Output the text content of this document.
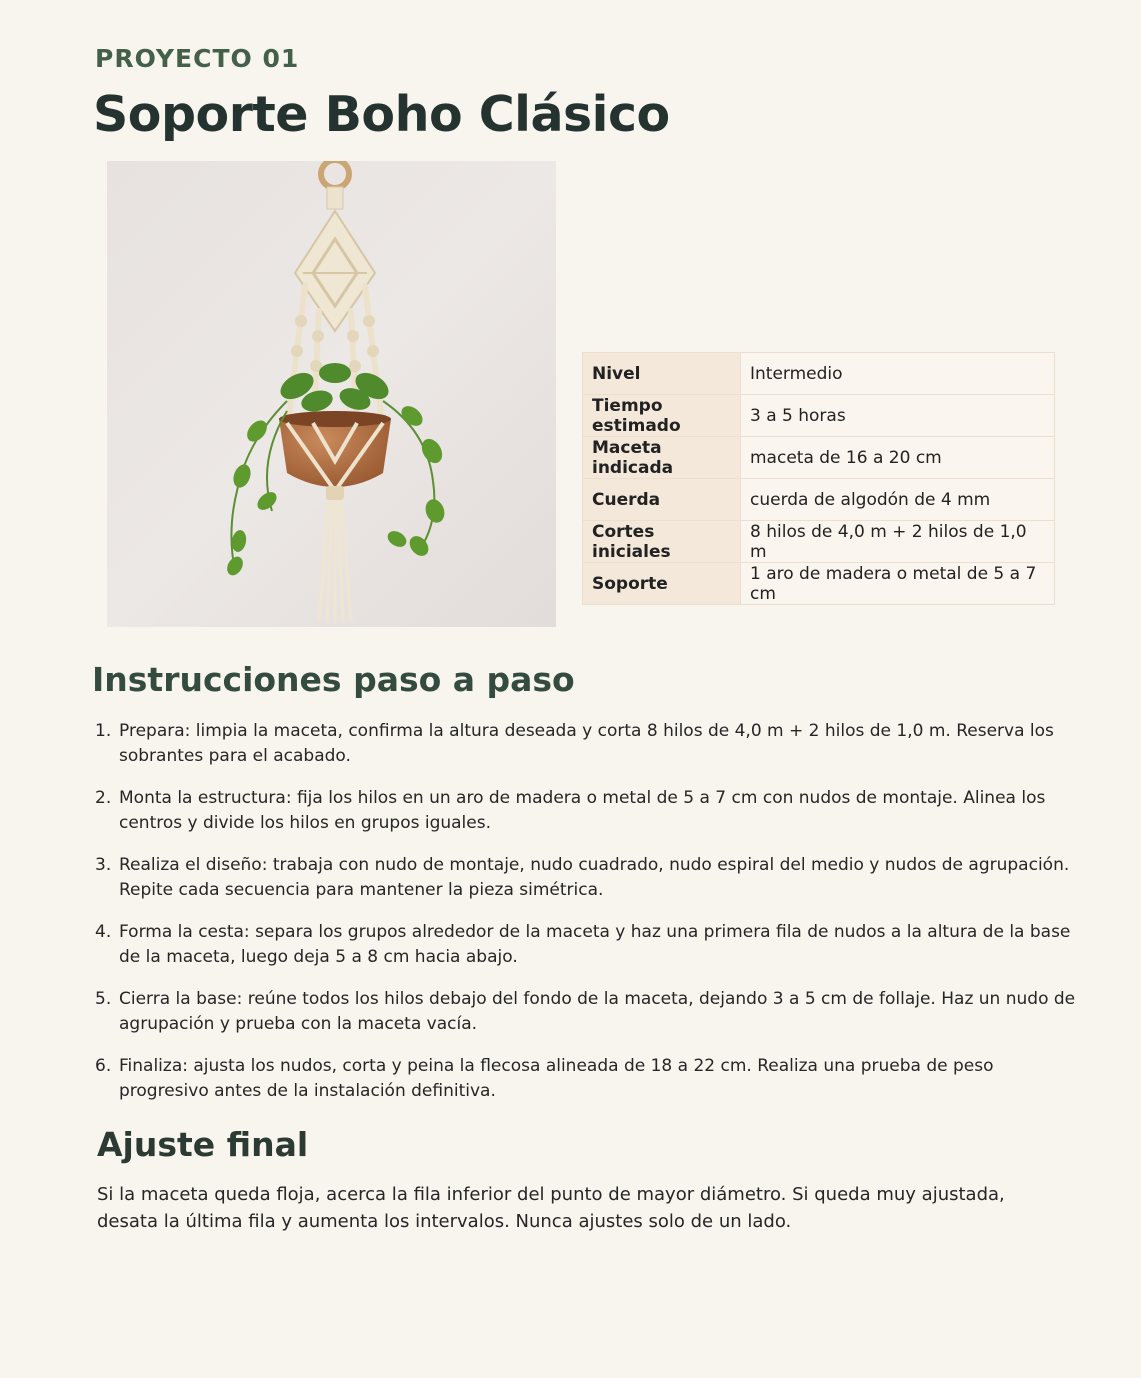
PROYECTO 01
Soporte Boho Clásico
Nivel	Intermedio
Tiempo estimado	3 a 5 horas
Maceta indicada	maceta de 16 a 20 cm
Cuerda	cuerda de algodón de 4 mm
Cortes iniciales	8 hilos de 4,0 m + 2 hilos de 1,0 m
Soporte	1 aro de madera o metal de 5 a 7 cm
Instrucciones paso a paso
1. Prepara: limpia la maceta, confirma la altura deseada y corta 8 hilos de 4,0 m + 2 hilos de 1,0 m. Reserva los sobrantes para el acabado.
2. Monta la estructura: fija los hilos en un aro de madera o metal de 5 a 7 cm con nudos de montaje. Alinea los centros y divide los hilos en grupos iguales.
3. Realiza el diseño: trabaja con nudo de montaje, nudo cuadrado, nudo espiral del medio y nudos de agrupación. Repite cada secuencia para mantener la pieza simétrica.
4. Forma la cesta: separa los grupos alrededor de la maceta y haz una primera fila de nudos a la altura de la base de la maceta, luego deja 5 a 8 cm hacia abajo.
5. Cierra la base: reúne todos los hilos debajo del fondo de la maceta, dejando 3 a 5 cm de follaje. Haz un nudo de agrupación y prueba con la maceta vacía.
6. Finaliza: ajusta los nudos, corta y peina la flecosa alineada de 18 a 22 cm. Realiza una prueba de peso progresivo antes de la instalación definitiva.
Ajuste final

Si la maceta queda floja, acerca la fila inferior del punto de mayor diámetro. Si queda muy ajustada, desata la última fila y aumenta los intervalos. Nunca ajustes solo de un lado.
